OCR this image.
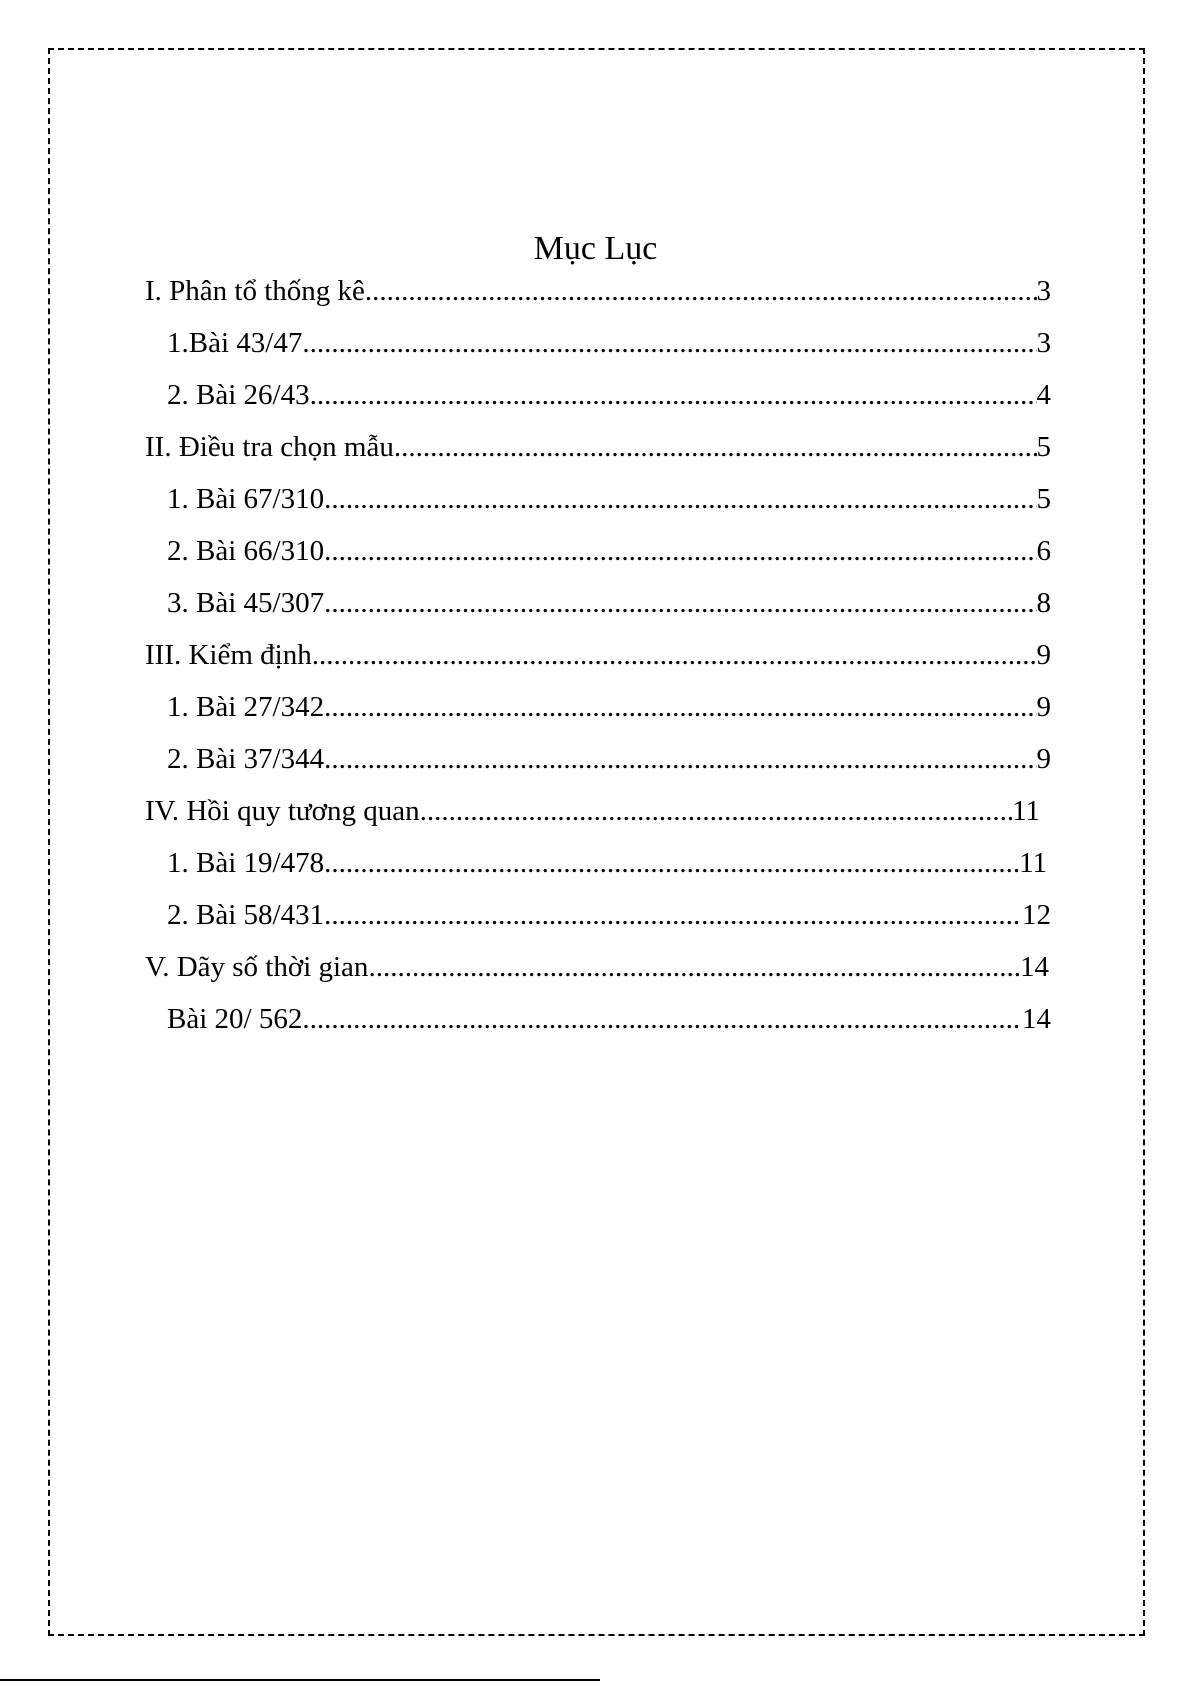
Mục Lục
I. Phân tổ thống kê .....	3
1.Bài 43/47 .....	3
2. Bài 26/43 .....	4
II. Điều tra chọn mẫu .....	5
1. Bài 67/310 .....	5
2. Bài 66/310 .....	6
3. Bài 45/307 .....	8
III. Kiểm định .....	9
1. Bài 27/342 .....	9
2. Bài 37/344 .....	9
IV. Hồi quy tương quan .....	11
1. Bài 19/478 .....	11
2. Bài 58/431 .....	12
V. Dãy số thời gian .....	14
Bài 20/ 562 .....	14
